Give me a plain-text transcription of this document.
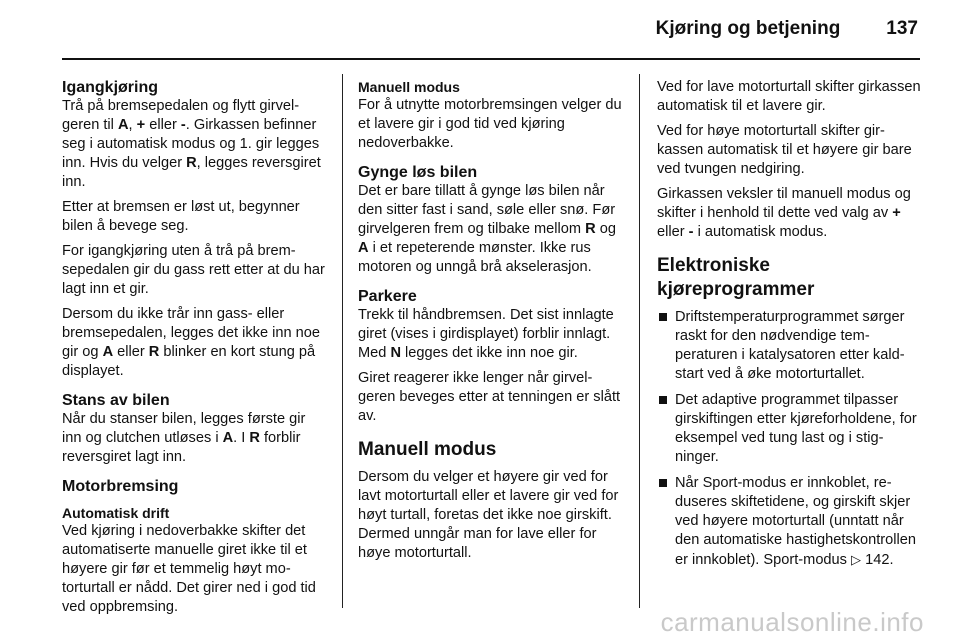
Kjøring og betjening 137
Igangkjøring

Trå på bremsepedalen og flytt girvelgeren til A, + eller -. Girkassen befinner seg i automatisk modus og 1. gir legges inn. Hvis du velger R, legges reversgiret inn.

Etter at bremsen er løst ut, begynner bilen å bevege seg.

For igangkjøring uten å trå på bremsepedalen gir du gass rett etter at du har lagt inn et gir.

Dersom du ikke trår inn gass- eller bremsepedalen, legges det ikke inn noe gir og A eller R blinker en kort stung på displayet.

Stans av bilen

Når du stanser bilen, legges første gir inn og clutchen utløses i A. I R forblir reversgiret lagt inn.

Motorbremsing
Automatisk drift

Ved kjøring i nedoverbakke skifter det automatiserte manuelle giret ikke til et høyere gir før et temmelig høyt motorturtall er nådd. Det girer ned i god tid ved oppbremsing.

Manuell modus

For å utnytte motorbremsingen velger du et lavere gir i god tid ved kjøring nedoverbakke.

Gynge løs bilen

Det er bare tillatt å gynge løs bilen når den sitter fast i sand, søle eller snø. Før girvelgeren frem og tilbake mellom R og A i et repeterende mønster. Ikke rus motoren og unngå brå akselerasjon.

Parkere

Trekk til håndbremsen. Det sist innlagte giret (vises i girdisplayet) forblir innlagt. Med N legges det ikke inn noe gir.

Giret reagerer ikke lenger når girvelgeren beveges etter at tenningen er slått av.

Manuell modus

Dersom du velger et høyere gir ved for lavt motorturtall eller et lavere gir ved for høyt turtall, foretas det ikke noe girskift. Dermed unngår man for lave eller for høye motorturtall.

Ved for lave motorturtall skifter girkassen automatisk til et lavere gir.

Ved for høye motorturtall skifter girkassen automatisk til et høyere gir bare ved tvungen nedgiring.

Girkassen veksler til manuell modus og skifter i henhold til dette ved valg av + eller - i automatisk modus.

Elektroniske kjøreprogrammer
Driftstemperaturprogrammet sørger raskt for den nødvendige temperaturen i katalysatoren etter kaldstart ved å øke motorturtallet.
Det adaptive programmet tilpasser girskiftingen etter kjøreforholdene, for eksempel ved tung last og i stigninger.
Når Sport-modus er innkoblet, reduseres skiftetidene, og girskift skjer ved høyere motorturtall (unntatt når den automatiske hastighetskontrollen er innkoblet). Sport-modus ▷ 142.
carmanualsonline.info
